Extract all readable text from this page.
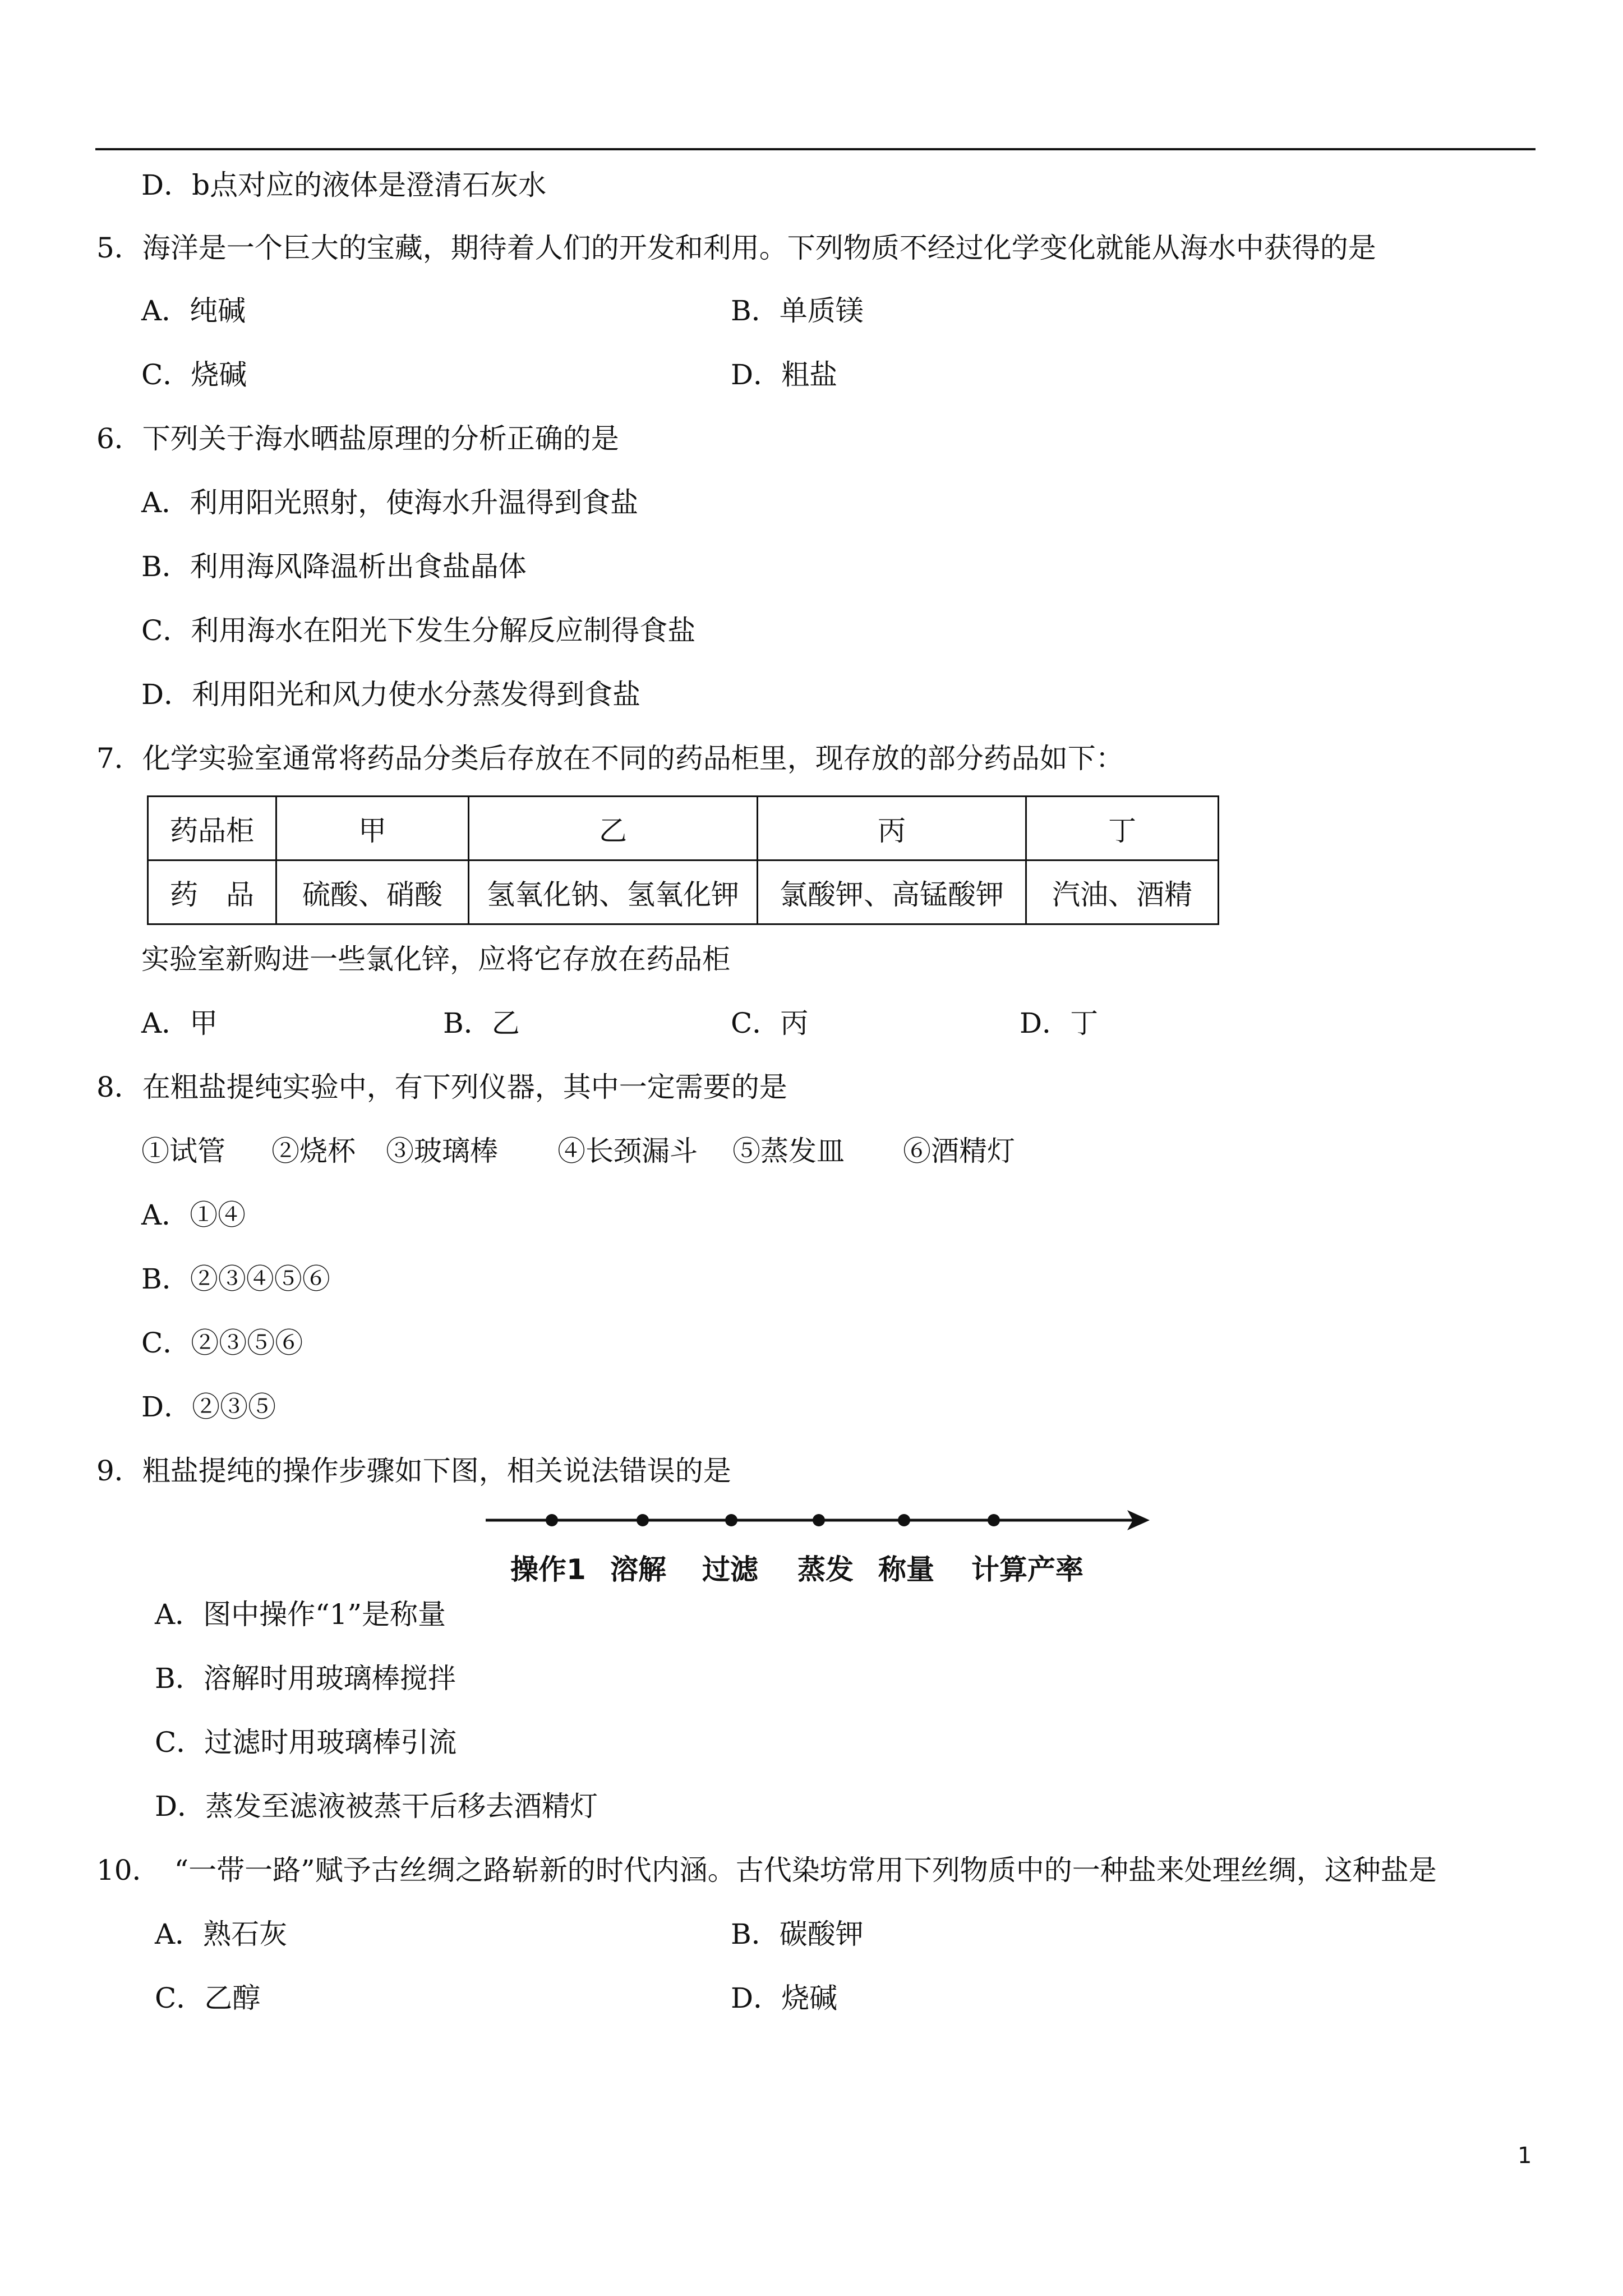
D．b点对应的液体是澄清石灰水
5．海洋是一个巨大的宝藏，期待着人们的开发和利用。下列物质不经过化学变化就能从海水中获得的是
A．纯碱	B．单质镁
C．烧碱	D．粗盐
6．下列关于海水晒盐原理的分析正确的是
A．利用阳光照射，使海水升温得到食盐
B．利用海风降温析出食盐晶体
C．利用海水在阳光下发生分解反应制得食盐
D．利用阳光和风力使水分蒸发得到食盐
7．化学实验室通常将药品分类后存放在不同的药品柜里，现存放的部分药品如下：
药品柜	甲	乙	丙	丁
药　品	硫酸、硝酸	氢氧化钠、氢氧化钾	氯酸钾、高锰酸钾	汽油、酒精
实验室新购进一些氯化锌，应将它存放在药品柜
A．甲	B．乙	C．丙	D．丁
8．在粗盐提纯实验中，有下列仪器，其中一定需要的是
①试管 ②烧杯 ③玻璃棒 ④长颈漏斗 ⑤蒸发皿 ⑥酒精灯
A．①④
B．②③④⑤⑥
C．②③⑤⑥
D．②③⑤
9．粗盐提纯的操作步骤如下图，相关说法错误的是
操作1 溶解 过滤 蒸发 称量 计算产率
A．图中操作“1”是称量
B．溶解时用玻璃棒搅拌
C．过滤时用玻璃棒引流
D．蒸发至滤液被蒸干后移去酒精灯
10．　“一带一路”赋予古丝绸之路崭新的时代内涵。古代染坊常用下列物质中的一种盐来处理丝绸，这种盐是
A．熟石灰	B．碳酸钾
C．乙醇	D．烧碱
1
